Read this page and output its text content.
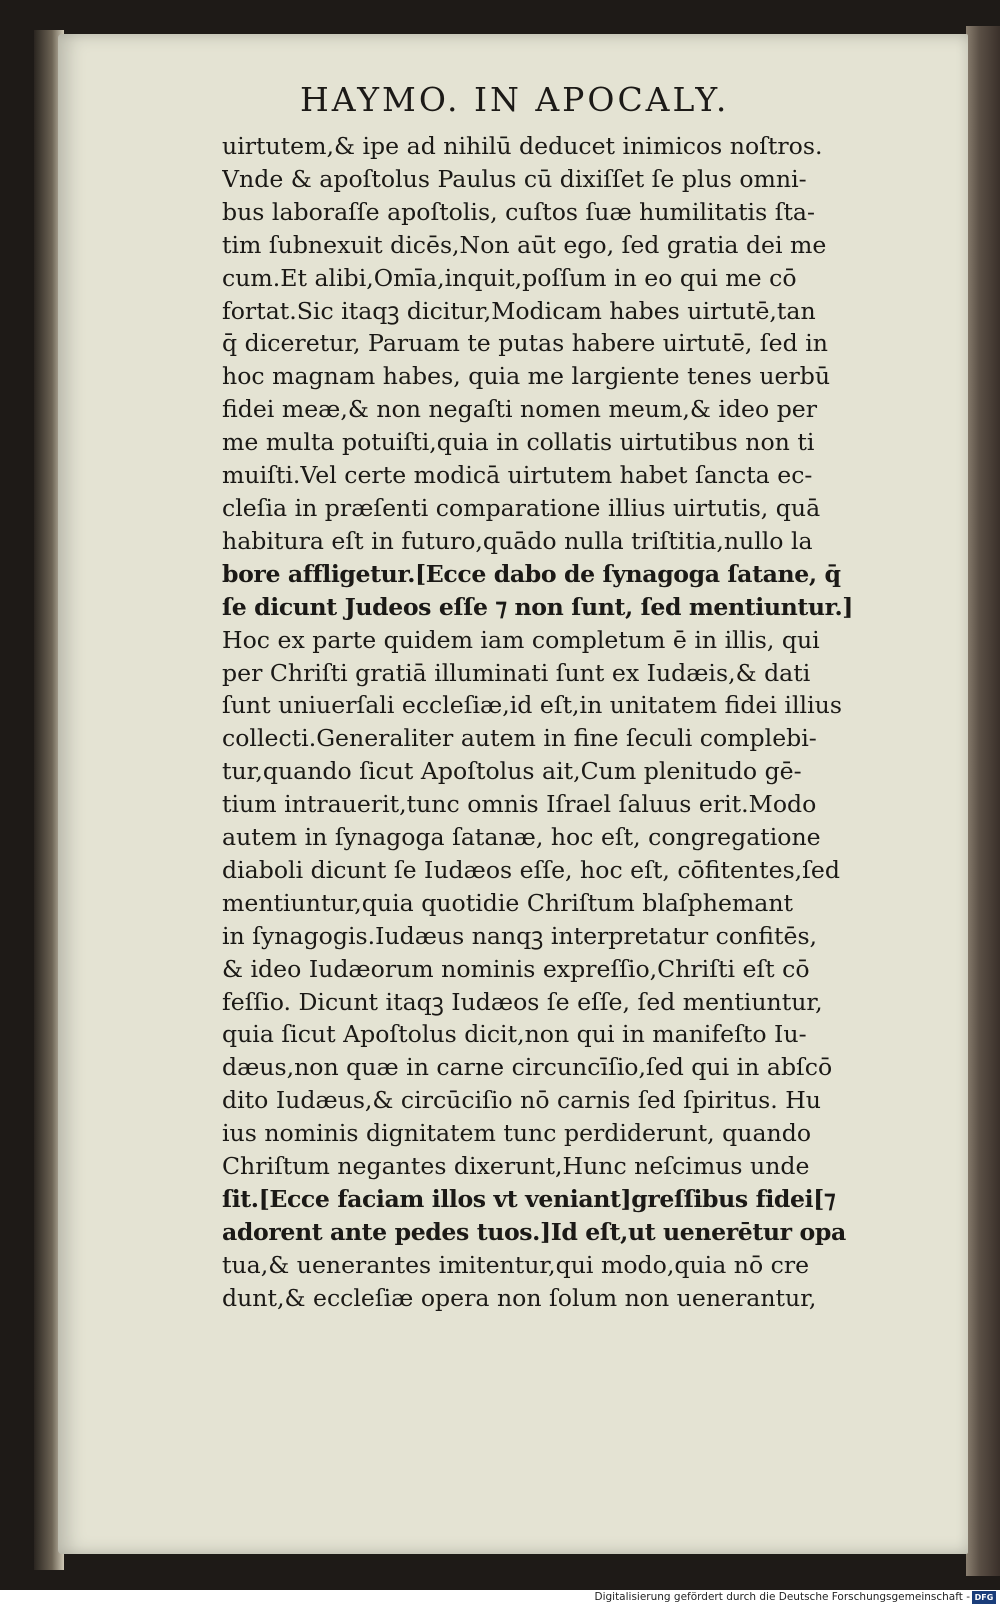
HAYMO. IN APOCALY.
uirtutem,& ipe ad nihilū deducet inimicos noſtros.
Vnde & apoſtolus Paulus cū dixiſſet ſe plus omni-
bus laboraſſe apoſtolis, cuſtos ſuæ humilitatis ſta-
tim ſubnexuit dicēs,Non aūt ego, ſed gratia dei me
cum.Et alibi,Omīa,inquit,poſſum in eo qui me cō
fortat.Sic itaqꝫ dicitur,Modicam habes uirtutē,tan
q̄ diceretur, Paruam te putas habere uirtutē, ſed in
hoc magnam habes, quia me largiente tenes uerbū
fidei meæ,& non negaſti nomen meum,& ideo per
me multa potuiſti,quia in collatis uirtutibus non ti
muiſti.Vel certe modicā uirtutem habet ſancta ec-
cleſia in præſenti comparatione illius uirtutis, quā
habitura eſt in futuro,quādo nulla triſtitia,nullo la
bore affligetur.[Ecce dabo de ſynagoga ſatane, q̄
ſe dicunt Judeos eſſe ⁊ non ſunt, ſed mentiuntur.]
Hoc ex parte quidem iam completum ē in illis, qui
per Chriſti gratiā illuminati ſunt ex Iudæis,& dati
ſunt uniuerſali eccleſiæ,id eſt,in unitatem fidei illius
collecti.Generaliter autem in fine ſeculi complebi-
tur,quando ſicut Apoſtolus ait,Cum plenitudo gē-
tium intrauerit,tunc omnis Iſrael ſaluus erit.Modo
autem in ſynagoga ſatanæ, hoc eſt, congregatione
diaboli dicunt ſe Iudæos eſſe, hoc eſt, cōfitentes,ſed
mentiuntur,quia quotidie Chriſtum blaſphemant
in ſynagogis.Iudæus nanqꝫ interpretatur confitēs,
& ideo Iudæorum nominis expreſſio,Chriſti eſt cō
feſſio. Dicunt itaqꝫ Iudæos ſe eſſe, ſed mentiuntur,
quia ſicut Apoſtolus dicit,non qui in manifeſto Iu-
dæus,non quæ in carne circuncīſio,ſed qui in abſcō
dito Iudæus,& circūciſio nō carnis ſed ſpiritus. Hu
ius nominis dignitatem tunc perdiderunt, quando
Chriſtum negantes dixerunt,Hunc neſcimus unde
ſit.[Ecce faciam illos vt veniant]greſſibus fidei[⁊
adorent ante pedes tuos.]Id eſt,ut uenerētur opa
tua,& uenerantes imitentur,qui modo,quia nō cre
dunt,& eccleſiæ opera non ſolum non uenerantur,
Digitalisierung gefördert durch die Deutsche Forschungsgemeinschaft - DFG
